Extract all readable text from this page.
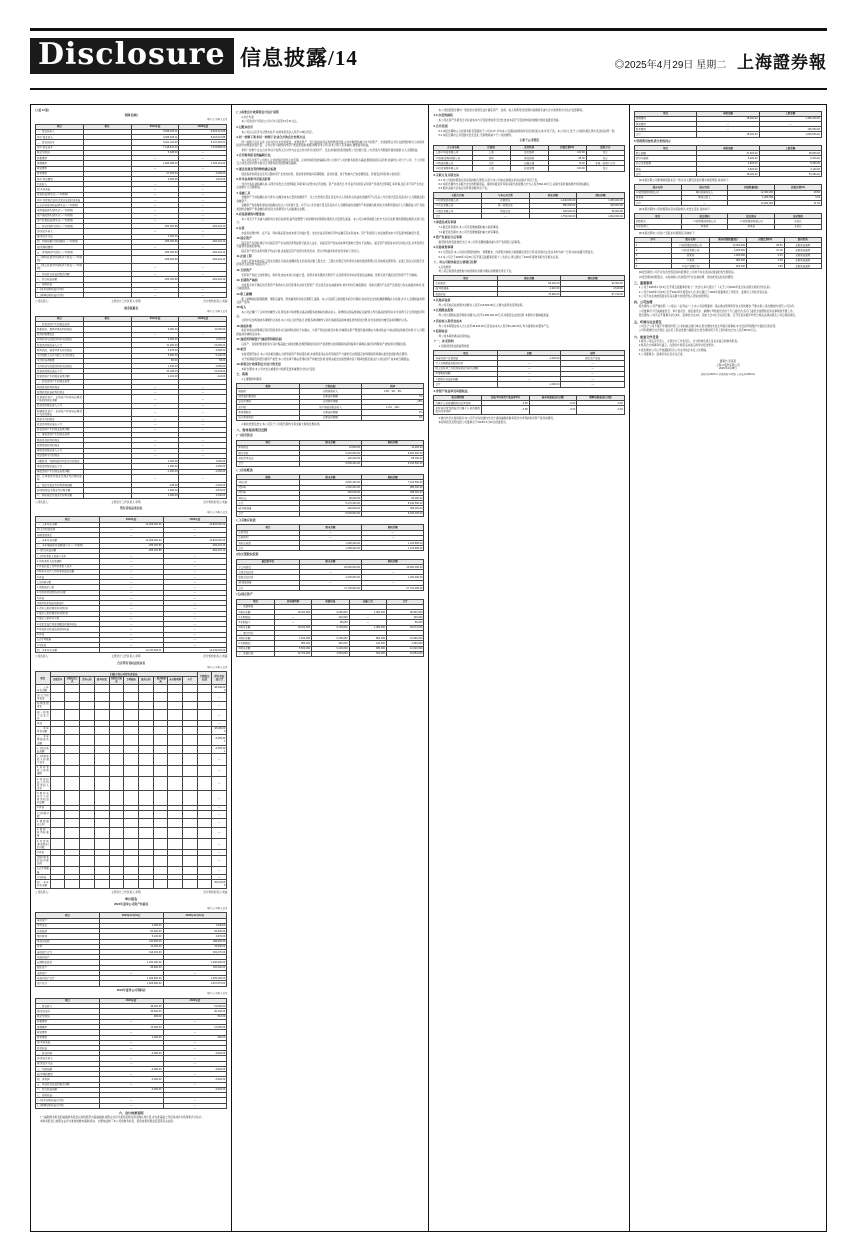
Disclosure 信息披露/14	◎2025年4月29日 星期二 上海證券報
(上接 13 版)
利润表(续)
单位:元 币种:人民币
项目	附注	2024年度	2023年度
一、营业总收入		9,066,815.11	8,623,221.88
其中:营业收入		9,066,815.11	8,623,221.88
二、营业总成本		9,321,116.00	9,107,446.00
其中:营业成本		7,318,641.00	7,015,889.00
税金及附加		5,048.00	—
销售费用		—	—
管理费用		1,486,288.00	1,525,011.00
研发费用		—	—
财务费用		27,253.00	3,269.00
其中:利息费用		2,500.00	1,801.00
利息收入		—	—
加:其他收益		—	—
投资收益(损失以“—”号填列)		—	—
其中:对联营企业和合营企业的投资收益		—	—
公允价值变动收益(损失以“—”号填列)		—	—
信用减值损失(损失以“—”号填列)		—	—
资产减值损失(损失以“—”号填列)		—	—
资产处置收益(损失以“—”号填列)		—	—
三、营业利润(亏损以“—”号填列)		-254,300.89	-484,224.12
加:营业外收入		—	—
减:营业外支出		1,000.00	—
四、利润总额(亏损总额以“—”号填列)		-255,300.89	-484,224.12
减:所得税费用		—	—
五、净利润(净亏损以“—”号填列)		-255,300.89	-484,224.12
(一)持续经营净利润(净亏损以“—”号填列)		-255,300.89	-484,224.12
(二)终止经营净利润(净亏损以“—”号填列)		—	—
六、其他综合收益的税后净额		—	—
七、综合收益总额		-255,300.89	-484,224.12
八、每股收益:			
(一)基本每股收益(元/股)		—	—
(二)稀释每股收益(元/股)		—	—
公司负责人:	主管会计工作负责人:李明	会计机构负责人:刘丽
现金流量表
单位:元 币种:人民币
项目	附注	2024年度	2023年度
一、经营活动产生的现金流量:			
销售商品、提供劳务收到的现金		9,290.00	11,060.00
收到的税费返还		—	—
收到其他与经营活动有关的现金		2,000.00	1,000.00
经营活动现金流入小计		11,290.00	12,060.00
购买商品、接受劳务支付的现金		3,278.00	4,268.00
支付给职工以及为职工支付的现金		5,600.00	5,120.00
支付的各项税费		80.00	56.00
支付其他与经营活动有关的现金		1,230.00	2,860.00
经营活动现金流出小计		10,188.00	12,304.00
经营活动产生的现金流量净额		1,102.00	-244.00
二、投资活动产生的现金流量:			
收回投资收到的现金		—	—
取得投资收益收到的现金		—	—
处置固定资产、无形资产和其他长期资产收回的现金净额		—	—
投资活动现金流入小计		—	—
购建固定资产、无形资产和其他长期资产支付的现金		—	—
投资支付的现金		—	—
投资活动现金流出小计		—	—
投资活动产生的现金流量净额		—	—
三、筹资活动产生的现金流量:			
吸收投资收到的现金		—	—
取得借款收到的现金		—	—
筹资活动现金流入小计		—	—
偿还债务支付的现金		—	—
分配股利、利润或偿付利息支付的现金		1,250.00	1,050.00
筹资活动现金流出小计		1,250.00	1,050.00
筹资活动产生的现金流量净额		-1,250.00	-1,050.00
四、汇率变动对现金及现金等价物的影响		—	—
五、现金及现金等价物净增加额		-148.00	-1,294.00
加:期初现金及现金等价物余额		1,540.00	2,834.00
六、期末现金及现金等价物余额		1,392.00	1,540.00
公司负责人:	主管会计工作负责人:李明	会计机构负责人:刘丽
所有者权益变动表
单位:元 币种:人民币
项目	2024年度	2023年度
一、上年年末余额	12,409,000.00	12,893,000.00
加:会计政策变更	—	—
前期差错更正	—	—
二、本年年初余额	12,409,000.00	12,893,000.00
三、本年增减变动金额(减少以“—”号填列)	-255,300.89	-484,224.12
(一)综合收益总额	-255,300.89	-484,224.12
(二)所有者投入和减少资本	—	—
1.所有者投入的普通股	—	—
2.其他权益工具持有者投入资本	—	—
3.股份支付计入所有者权益的金额	—	—
4.其他	—	—
(三)利润分配	—	—
1.提取盈余公积	—	—
2.对所有者(或股东)的分配	—	—
3.其他	—	—
(四)所有者权益内部结转	—	—
1.资本公积转增资本(或股本)	—	—
2.盈余公积转增资本(或股本)	—	—
3.盈余公积弥补亏损	—	—
4.设定受益计划变动额结转留存收益	—	—
5.其他综合收益结转留存收益	—	—
6.其他	—	—
(五)专项储备	—	—
(六)其他	—	—
四、本年年末余额	12,153,699.11	12,409,000.00
公司负责人:	主管会计工作负责人:李明	会计机构负责人:刘丽
合并所有者权益变动表
单位:元 币种:人民币
项目	归属于母公司所有者权益										少数股东权益	所有者权益合计
	实收资本	其他权益工具	资本公积	减:库存股	其他综合收益	专项储备	盈余公积	一般风险准备	未分配利润	小计		
一、上年年末余额												48,290,000
加:会计政策变更												—
前期差错更正												—
同一控制下企业合并												—
其他												—
二、本年年初余额												48,290,000
三、本年增减变动金额												-3,255,301
(一)综合收益总额												-3,255,301
(二)所有者投入和减少资本												—
1.所有者投入的普通股												—
2.其他权益工具持有者投入资本												—
3.股份支付计入所有者权益的金额												—
4.其他												—
(三)利润分配												—
1.提取盈余公积												—
2.提取一般风险准备												—
3.对所有者(或股东)的分配												—
4.其他												—
(四)所有者权益内部结转												—
(五)专项储备												—
(六)其他												—
四、本年年末余额												45,034,699
公司负责人:	主管会计工作负责人:李明	会计机构负责人:刘丽
审计报告
2024年度母公司资产负债表
单位:元 币种:人民币
项目	2024年12月31日	2023年12月31日
流动资产:		
货币资金	1,392.00	1,540.00
应收账款	84,200.00	92,360.00
预付款项	5,100.00	3,870.00
其他应收款	210,500.00	188,900.00
存货	12,000.00	15,600.00
流动资产合计	313,192.00	302,270.00
非流动资产:		
长期股权投资	1,200,000.00	1,200,000.00
固定资产	96,800.00	105,400.00
无形资产	—	—
非流动资产合计	1,296,800.00	1,305,400.00
资产总计	1,609,992.00	1,607,670.00
2024年度母公司利润表
单位:元 币种:人民币
项目	2024年度	2023年度
一、营业收入	48,200.00	51,900.00
减:营业成本	36,400.00	40,100.00
税金及附加	480.00	510.00
销售费用	—	—
管理费用	13,600.00	14,250.00
研发费用	—	—
财务费用	1,200.00	960.00
加:其他收益	—	—
投资收益	—	—
二、营业利润	-3,480.00	-3,920.00
加:营业外收入	—	—
减:营业外支出	—	—
三、利润总额	-3,480.00	-3,920.00
减:所得税费用	—	—
四、净利润	-3,480.00	-3,920.00
五、其他综合收益的税后净额	—	—
六、综合收益总额	-3,480.00	-3,920.00
七、每股收益:		
(一)基本每股收益(元/股)	—	—
(二)稀释每股收益(元/股)	—	—
六、会计政策说明
(一)编制财务报表的基础财务报表以持续经营为基础编制,按照企业会计准则及相关规定确认和计量,并在此基础上考虑具体会计政策和会计估计。
本财务报表已按照企业会计准则的要求编制,真实、完整地反映了本公司的财务状况、经营成果和现金流量等有关信息。
(二)重要会计政策和会计估计说明
1.会计年度
本公司的会计年度自公历1月1日起至12月31日止。
2.记账本位币
本公司以人民币为记账本位币,本财务报表以人民币为单位列示。
3.同一控制下和非同一控制下企业合并的会计处理方法
同一控制下企业合并:合并对价为支付的现金、非现金资产、发行的权益性证券的账面价值,合并中取得的被合并方的资产、负债按照合并日在最终控制方合并财务报表中的账面价值计量。合并对价与取得的净资产账面价值的差额,调整资本公积;资本公积不足冲减的,调整留存收益。
非同一控制下企业合并:购买方在购买日对作为企业合并对价付出的资产、发生或承担的负债按照公允价值计量,公允价值与其账面价值的差额,计入当期损益。
4.合并财务报表的编制方法
本公司将全部子公司纳入合并财务报表的合并范围。合并财务报表的编制以母公司和子公司的财务报表为基础,根据其他有关资料,抵销母公司与子公司、子公司相互之间发生的内部交易对合并财务报表的影响后编制。
5.现金及现金等价物的确定标准
现金指库存现金以及可以随时用于支付的存款。现金等价物指持有期限短、流动性强、易于转换为已知金额现金、价值变动风险很小的投资。
6.外币业务和外币报表折算
外币交易在初始确认时,采用交易发生日的即期汇率折算为记账本位币金额。资产负债表日,外币货币性项目采用资产负债表日即期汇率折算,因汇率不同产生的汇兑差额计入当期损益。
7.金融工具
金融资产于初始确认时分类为:以摊余成本计量的金融资产、以公允价值计量且其变动计入其他综合收益的金融资产以及以公允价值计量且其变动计入当期损益的金融资产。
金融资产和金融负债在初始确认时以公允价值计量。对于以公允价值计量且其变动计入当期损益的金融资产和金融负债,相关交易费用直接计入当期损益;对于其他类别的金融资产和金融负债,相关交易费用计入初始确认金额。
8.应收款项的坏账准备
本公司对于不含重大融资成分的应收款项,始终按照整个存续期内的预期信用损失计量损失准备。本公司以单项或组合的方式对应收款项的预期信用损失进行估计。
9.存货
存货包括原材料、在产品、库存商品等,按成本进行初始计量。发出存货采用加权平均法确定其实际成本。资产负债表日,存货按照成本与可变现净值孰低计量。
10.固定资产
固定资产在同时满足与该固定资产有关的经济利益很可能流入企业、该固定资产的成本能够可靠地计量时予以确认。固定资产按照成本进行初始计量,并考虑预计弃置费用因素的影响。
固定资产折旧采用年限平均法计提,各类固定资产的预计使用寿命、预计净残值率和年折旧率如下表所示。
11.在建工程
在建工程成本按实际工程支出确定,包括在建期间发生的各项必要工程支出、工程达到预定可使用状态前的借款费用以及其他相关费用等。在建工程在达到预定可使用状态后结转为固定资产。
12.无形资产
无形资产包括土地使用权、软件等,按成本进行初始计量。使用寿命有限的无形资产,在其使用寿命内采用直线法摊销。使用寿命不确定的无形资产不予摊销。
13.长期资产减值
对使用寿命不确定的无形资产和尚未达到可使用状态的无形资产,无论是否存在减值迹象,每年均进行减值测试。其他长期资产在资产负债表日存在减值迹象的,进行减值测试。
14.职工薪酬
职工薪酬包括短期薪酬、离职后福利、辞退福利和其他长期职工福利。本公司在职工提供服务的会计期间,将实际发生的短期薪酬确认为负债,并计入当期损益或相关资产成本。
15.收入
本公司在履行了合同中的履约义务,即在客户取得相关商品或服务控制权时确认收入。取得相关商品控制权,指能够主导该商品的使用并从中获得几乎全部的经济利益。
合同中包含两项或多项履约义务的,本公司在合同开始日,按照各单项履约义务所承诺商品的单独售价的相对比例,将交易价格分摊至各单项履约义务。
16.政府补助
政府补助在能够满足其所附的条件并且能够收到时予以确认。与资产相关的政府补助,冲减相关资产账面价值或确认为递延收益;与收益相关的政府补助,计入当期损益或冲减相关成本。
17.递延所得税资产/递延所得税负债
以资产、负债的账面价值与其计税基础之间的差额,按照预期收回该资产或清偿该负债期间的适用税率计算确认递延所得税资产或递延所得税负债。
18.租赁
在租赁期开始日,本公司将租赁确认为使用权资产和租赁负债,并按照直线法对使用权资产计提折旧,按照固定的周期性利率确认租赁负债的利息费用。
对于短期租赁和低价值资产租赁,本公司选择不确认使用权资产和租赁负债,将相关租金在租赁期内各个期间按照直线法计入相关资产成本或当期损益。
19.重要会计政策和会计估计的变更
本报告期内,本公司未发生重要会计政策变更和重要会计估计变更。
七、税项
1.主要税种和税率
税种	计税依据	税率
增值税	应税销售收入	13%、9%、6%
城市维护建设税	应缴流转税额	7%
企业所得税	应纳税所得额	25%
房产税	房产原值或租金收入	1.2%、12%
教育费附加	应缴流转税额	3%
地方教育附加	应缴流转税额	2%
2.税收优惠及批文:本公司及子公司报告期内未享受重大税收优惠政策。
八、财务报表项目注释
(一)货币资金
项目	期末余额	期初余额
库存现金	12,800.00	14,200.00
银行存款	9,415,600.00	8,902,300.00
其他货币资金	120,000.00	98,000.00
合计	9,548,400.00	9,014,500.00
(二)应收账款
账龄	期末余额	期初余额
1年以内	6,820,400.00	7,102,500.00
1至2年	1,240,000.00	986,000.00
2至3年	320,000.00	268,000.00
3年以上	96,000.00	84,000.00
小计	8,476,400.00	8,440,500.00
减:坏账准备	426,800.00	398,200.00
合计	8,049,600.00	8,042,300.00
(三)其他应收款
项目	期末余额	期初余额
应收利息	—	—
应收股利	—	—
其他应收款	1,286,400.00	1,104,800.00
合计	1,286,400.00	1,104,800.00
(四)长期股权投资
被投资单位	期末余额	期初余额
子公司投资	26,500,000.00	26,500,000.00
合营企业投资	—	—
联营企业投资	1,200,000.00	1,200,000.00
减:减值准备	—	—
合计	27,700,000.00	27,700,000.00
(五)固定资产
项目	房屋建筑物	机器设备	运输工具	合计
一、账面原值				
1.期初余额	18,200,000	9,460,000	1,280,000	28,940,000
2.本期增加	—	420,000	—	420,000
3.本期减少	—	86,000	—	86,000
4.期末余额	18,200,000	9,794,000	1,280,000	29,274,000
二、累计折旧				
1.期初余额	4,620,000	5,180,000	860,000	10,660,000
2.本期增加	880,000	960,000	120,000	1,960,000
3.期末余额	5,500,000	6,140,000	980,000	12,620,000
三、账面价值	12,700,000	3,654,000	300,000	16,654,000
本公司按照报告期内一致的会计政策及估计确定资产、负债、收入和费用,报告期内各期间无重大会计政策和会计估计变更事项。
4.3 存货的减值
本公司在资产负债表日对存货成本与可变现净值进行比较,按成本高于可变现净值的差额计提存货跌价准备。
5.合并范围
5.1 本报告期纳入合并财务报表范围的子公司共4户,均为本公司直接或间接持有表决权的主体,详见下表。本公司对上述子公司的持股比例与表决权比例一致。
5.2 本报告期内合并范围未发生变化,无新增或减少子公司的情形。
主要子公司情况
子公司名称	注册地	业务性质	持股比例(%)	取得方式
上海××科技有限公司	上海	技术服务	100.00	设立
××贸易(深圳)有限公司	深圳	商品贸易	85.00	设立
××物流有限公司	江苏	运输仓储	70.00	非同一控制下合并
××投资管理有限公司	上海	投资管理	100.00	设立
6.关联方及关联交易
6.1 本公司的控股股东及实际控制人情况,以及与本公司存在控制关系的关联方详见下表。
6.2 本报告期内与关联方发生的购销商品、提供和接受劳务等关联交易金额合计为人民币562.40万元,关联交易价格参照市场价格确定。
6.3 期末关联方应收应付款项余额详见下表。
关联方名称	与本公司关系	期末余额	期初余额
××控股集团有限公司	控股股东	1,240,000.00	1,086,000.00
××实业有限公司	同一控制企业	386,000.00	420,000.00
××置业有限公司	联营企业	128,000.00	96,000.00
合计	—	1,754,000.00	1,602,000.00
7.承诺及或有事项
7.1 截至报告期末,本公司无需要披露的重大承诺事项。
7.2 截至报告期末,本公司无需要披露的重大或有事项。
8.资产负债表日后事项
截至财务报表批准报出日,本公司无需要披露的重大资产负债表日后事项。
9.其他重要事项
9.1 分部信息:本公司以内部组织结构、管理要求、内部报告制度为依据确定报告分部,报告期内主营业务均为单一分部,故未披露分部信息。
9.2 本公司已于2025年4月26日召开第五届董事会第十二次会议,审议通过了2024年度财务报告及相关议案。
十、母公司财务报表主要项目注释
1.应收账款
母公司应收账款按账龄分析的期末余额与期初余额情况详见下表。
项目	期末余额	期初余额
应收账款	84,200.00	92,360.00
减:坏账准备	4,210.00	4,618.00
账面价值	79,990.00	87,742.00
2.其他应收款
母公司其他应收款期末余额为人民币210,500.00元,主要为备用金及押金等。
3.长期股权投资
母公司长期股权投资期末余额为人民币1,200,000.00元,系对联营企业的投资,本期未计提减值准备。
4.营业收入和营业成本
母公司本期营业收入为人民币48,200.00元,营业成本为人民币36,400.00元,均为提供技术服务产生。
5.投资收益
母公司本期未确认投资收益。
十一、补充资料
1.当期非经常性损益明细表
项目	金额	说明
非流动资产处置损益	-1,000.00	固定资产报废
计入当期损益的政府补助	—	—
除上述各项之外的其他营业外收支净额	—	—
所得税影响额	—	—
少数股东权益影响额	—	—
合计	-1,000.00	—
2.净资产收益率及每股收益
报告期利润	加权平均净资产收益率(%)	基本每股收益(元/股)	稀释每股收益(元/股)
归属于公司普通股股东的净利润	-0.58	-0.03	-0.03
扣除非经常性损益后归属于公司普通股股东的净利润	-0.58	-0.03	-0.03
3.境内外会计准则差异:本公司不存在按境内外会计准则编制的财务报告中净利润和净资产差异的情况。
本财务报表及附注经公司董事会于2025年4月26日批准报出。
项目	本期金额	上期金额
管理费用	48,200.00	1,481,000.00
研发费用	—	—
财务费用	—	125,960.00
合计	48,200.00	1,606,960.00
5.管理费用按性质分类的列示
项目	本期金额	上期金额
职工薪酬	31,600.00	35,800.00
折旧与摊销	8,200.00	9,100.00
办公及差旅费	4,800.00	5,260.00
其他	3,600.00	4,120.00
合计	48,200.00	54,280.00
(3)本报告期公司新增控股股东及一致行动人情况及报告期末持股情况,具体如下:
股东名称	股东性质	持股数量(股)	持股比例(%)
××控股集团有限公司	境内非国有法人	12,000,000	28.50
张某某	境内自然人	1,280,000	3.04
合计	—	13,280,000	31.54
(4)本报告期内公司控股股东及实际控制人未发生变化,具体如下:
项目	报告期初	报告期末	变动情况
控股股东	××控股集团有限公司	××控股集团有限公司	无变化
实际控制人	李某某	李某某	无变化
(5)本报告期末公司前十名股东持股情况,具体如下:
序号	股东名称	期末持股数量(股)	持股比例(%)	股份性质
1	××控股集团有限公司	12,000,000	28.50	无限售流通股
2	××投资有限公司	4,280,000	10.16	无限售流通股
3	张某某	1,280,000	3.04	无限售流通股
4	王某某	960,000	2.28	无限售流通股
5	××资产管理计划	820,000	1.95	无限售流通股
(6)报告期内公司不存在优先股股东持股情况,公司亦不存在表决权恢复的优先股股东。
(7)报告期内控股股东、实际控制人所持股份不存在被质押、冻结或司法拍卖的情形。
三、重要事项
1.公司于2025年1月15日召开第五届董事会第十一次会议,审议通过了《关于公司2025年度日常关联交易预计的议案》。
2.公司于2025年3月18日召开2024年年度股东大会,审议通过了2024年度董事会工作报告、监事会工作报告等议案。
3.公司不存在被控股股东及其关联方非经营性占用资金的情况。
四、公司治理
报告期内,公司严格按照《公司法》《证券法》《上市公司治理准则》等法律法规和规范性文件的要求,不断完善公司治理结构,规范公司运作。
公司董事会下设战略委员会、审计委员会、提名委员会、薪酬与考核委员会四个专门委员会,各专门委员会按照相应的议事规则开展工作。
报告期内,公司共召开董事会会议6次、监事会会议4次、股东大会1次,会议的召集、召开及表决程序均符合相关法律法规及公司章程的规定。
五、环境与社会责任
公司及子公司不属于环境保护部门公布的重点排污单位,报告期内未发生环境污染事故,亦未受到环境保护方面的行政处罚。
公司积极履行社会责任,关注员工职业发展与健康安全,报告期内用于员工培训的支出为人民币86.50万元。
六、备查文件目录
1.载有公司法定代表人、主管会计工作负责人、会计机构负责人签名并盖章的财务报表。
2.载有会计师事务所盖章、注册会计师签名并盖章的审计报告原件。
3.报告期内公司公开披露的所有公司文件的正本及公告原稿。
4.公司董事会、监事会决议及会议记录。
董事长:李某某
上海××股份有限公司
2025年4月28日
证券代码:600××× 证券简称:××股份 公告编号:2025-0••
